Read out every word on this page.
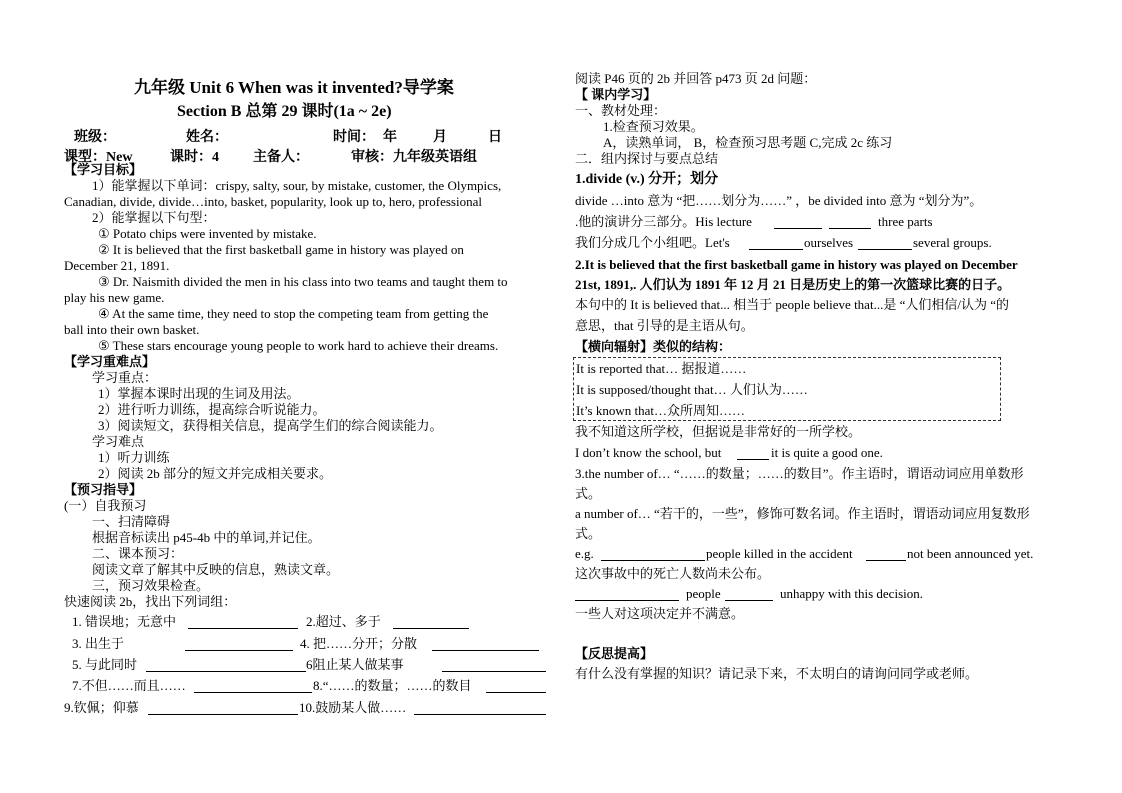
九年级 Unit 6 When was it invented?导学案
Section B 总第 29 课时(1a ~ 2e)
班级：	姓名：	时间： 年	月	日
课型：New	课时：4 主备人：	审核：九年级英语组
【学习目标】
1）能掌握以下单词：crispy, salty, sour, by mistake, customer, the Olympics,
Canadian, divide, divide…into, basket, popularity, look up to, hero, professional
2）能掌握以下句型：
① Potato chips were invented by mistake.
② It is believed that the first basketball game in history was played on
December 21, 1891.
③ Dr. Naismith divided the men in his class into two teams and taught them to
play his new game.
④ At the same time, they need to stop the competing team from getting the
ball into their own basket.
⑤ These stars encourage young people to work hard to achieve their dreams.
【学习重难点】
学习重点：
1）掌握本课时出现的生词及用法。
2）进行听力训练，提高综合听说能力。
3）阅读短文，获得相关信息，提高学生们的综合阅读能力。
学习难点
1）听力训练
2）阅读 2b 部分的短文并完成相关要求。
【预习指导】
(一）自我预习
一、扫清障碍
根据音标读出 p45-4b 中的单词,并记住。
二、课本预习：
阅读文章了解其中反映的信息，熟读文章。
三，预习效果检查。
快速阅读 2b，找出下列词组：
1. 错误地；无意中	2.超过、多于
3. 出生于	4. 把……分开；分散
5. 与此同时	6阻止某人做某事
7.不但……而且……	8.“……的数量；……的数目
9.钦佩；仰慕	10.鼓励某人做……
阅读 P46 页的 2b 并回答 p473 页 2d 问题：
【 课内学习】
一、教材处理：
1.检查预习效果。
A，读熟单词， B，检查预习思考题 C,完成 2c 练习
二．组内探讨与要点总结
1.divide (v.) 分开；划分
divide …into 意为 “把……划分为……” ，be divided into 意为 “划分为”。
.他的演讲分三部分。His lecture	three parts
我们分成几个小组吧。Let's	ourselves	several groups.
2.It is believed that the first basketball game in history was played on December
21st, 1891,. 人们认为 1891 年 12 月 21 日是历史上的第一次篮球比赛的日子。
本句中的 It is believed that... 相当于 people believe that...是 “人们相信/认为 “的
意思，that 引导的是主语从句。
【横向辐射】类似的结构：
It is reported that… 据报道……
It is supposed/thought that… 人们认为……
It’s known that…众所周知……
我不知道这所学校，但据说是非常好的一所学校。
I don’t know the school, but	it is quite a good one.
3.the number of… “……的数量；……的数目”。作主语时，谓语动词应用单数形
式。
a number of… “若干的，一些”，修饰可数名词。作主语时，谓语动词应用复数形
式。
e.g.	people killed in the accident	not been announced yet.
这次事故中的死亡人数尚未公布。
people	unhappy with this decision.
一些人对这项决定并不满意。
【反思提高】
有什么没有掌握的知识？请记录下来，不太明白的请询问同学或老师。
